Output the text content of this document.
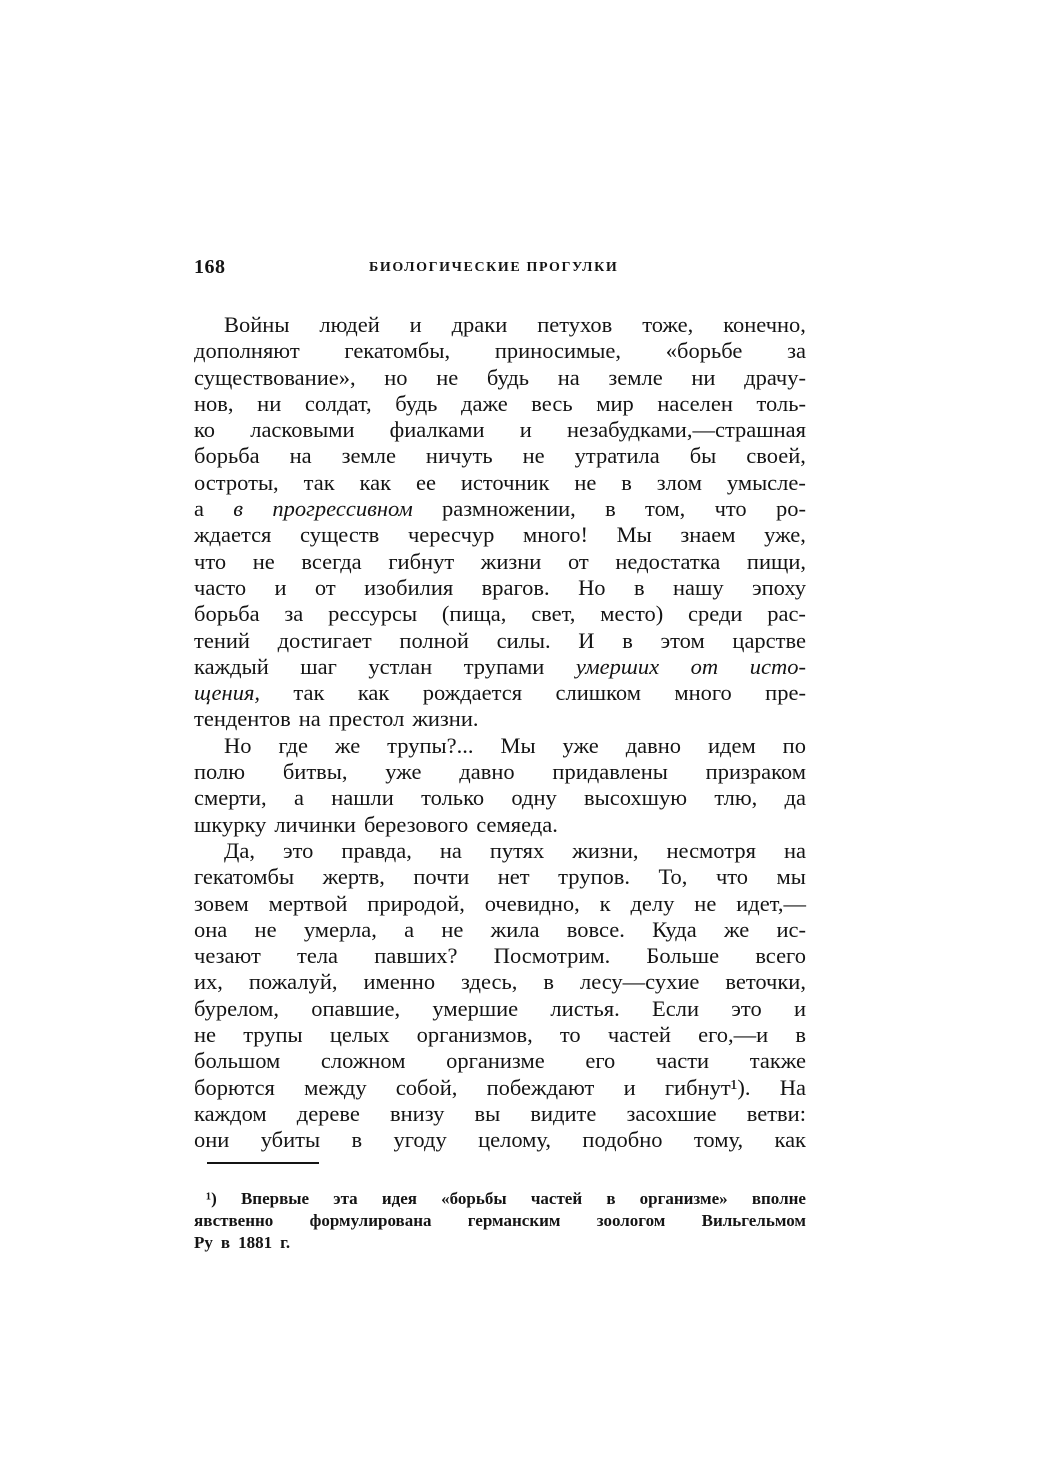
168	БИОЛОГИЧЕСКИЕ ПРОГУЛКИ
Войны людей и драки петухов тоже, конечно,
дополняют гекатомбы, приносимые, «борьбе за
существование», но не будь на земле ни драчу-
нов, ни солдат, будь даже весь мир населен толь-
ко ласковыми фиалками и незабудками,—страшная
борьба на земле ничуть не утратила бы своей,
остроты, так как ее источник не в злом умысле-
а в прогрессивном размножении, в том, что ро-
ждается существ чересчур много! Мы знаем уже,
что не всегда гибнут жизни от недостатка пищи,
часто и от изобилия врагов. Но в нашу эпоху
борьба за рессурсы (пища, свет, место) среди рас-
тений достигает полной силы. И в этом царстве
каждый шаг устлан трупами умерших от исто-
щения, так как рождается слишком много пре-
тендентов на престол жизни.
Но где же трупы?... Мы уже давно идем по
полю битвы, уже давно придавлены призраком
смерти, а нашли только одну высохшую тлю, да
шкурку личинки березового семяеда.
Да, это правда, на путях жизни, несмотря на
гекатомбы жертв, почти нет трупов. То, что мы
зовем мертвой природой, очевидно, к делу не идет,—
она не умерла, а не жила вовсе. Куда же ис-
чезают тела павших? Посмотрим. Больше всего
их, пожалуй, именно здесь, в лесу—сухие веточки,
бурелом, опавшие, умершие листья. Если это и
не трупы целых организмов, то частей его,—и в
большом сложном организме его части также
борются между собой, побеждают и гибнут¹). На
каждом дереве внизу вы видите засохшие ветви:
они убиты в угоду целому, подобно тому, как
¹) Впервые эта идея «борьбы частей в организме» вполне
явственно формулирована германским зоологом Вильгельмом
Ру в 1881 г.
